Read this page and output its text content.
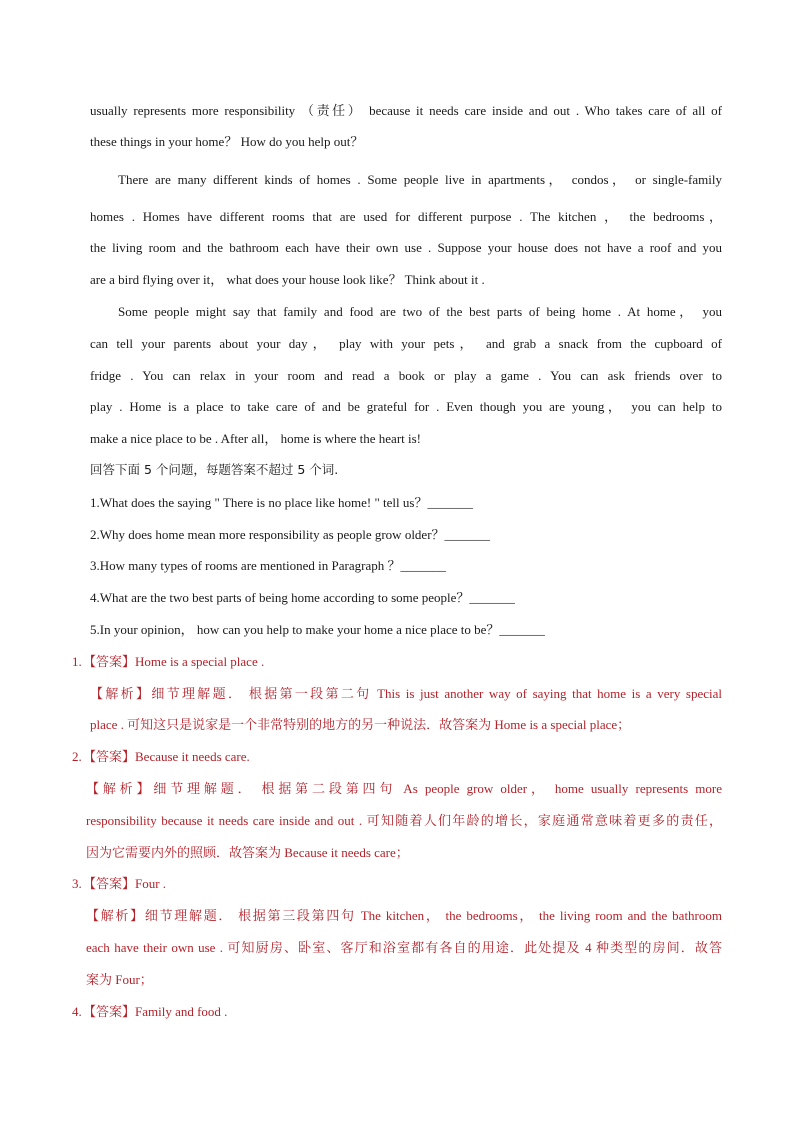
usually represents more responsibility （责任） because it needs care inside and out . Who takes care of all of
these things in your home？ How do you help out？
There are many different kinds of homes . Some people live in apartments， condos， or single-family
homes . Homes have different rooms that are used for different purpose . The kitchen ， the bedrooms，
the living room and the bathroom each have their own use . Suppose your house does not have a roof and you
are a bird flying over it， what does your house look like？ Think about it .
Some people might say that family and food are two of the best parts of being home . At home， you
can tell your parents about your day， play with your pets， and grab a snack from the cupboard of
fridge . You can relax in your room and read a book or play a game . You can ask friends over to
play . Home is a place to take care of and be grateful for . Even though you are young， you can help to
make a nice place to be . After all， home is where the heart is!
回答下面 5 个问题，每题答案不超过 5 个词.
1.What does the saying " There is no place like home! " tell us？_______
2.Why does home mean more responsibility as people grow older？_______
3.How many types of rooms are mentioned in Paragraph ？_______
4.What are the two best parts of being home according to some people？_______
5.In your opinion， how can you help to make your home a nice place to be？_______
1. 【答案】Home is a special place .
【解析】细节理解题． 根据第一段第二句 This is just another way of saying that home is a very special
place . 可知这只是说家是一个非常特别的地方的另一种说法．故答案为 Home is a special place；
2. 【答案】Because it needs care.
【解析】细节理解题． 根据第二段第四句 As people grow older， home usually represents more
responsibility because it needs care inside and out . 可知随着人们年龄的增长，家庭通常意味着更多的责任，
因为它需要内外的照顾．故答案为 Because it needs care；
3. 【答案】Four .
【解析】细节理解题． 根据第三段第四句 The kitchen， the bedrooms， the living room and the bathroom
each have their own use . 可知厨房、卧室、客厅和浴室都有各自的用途．此处提及 4 种类型的房间．故答
案为 Four；
4. 【答案】Family and food .
